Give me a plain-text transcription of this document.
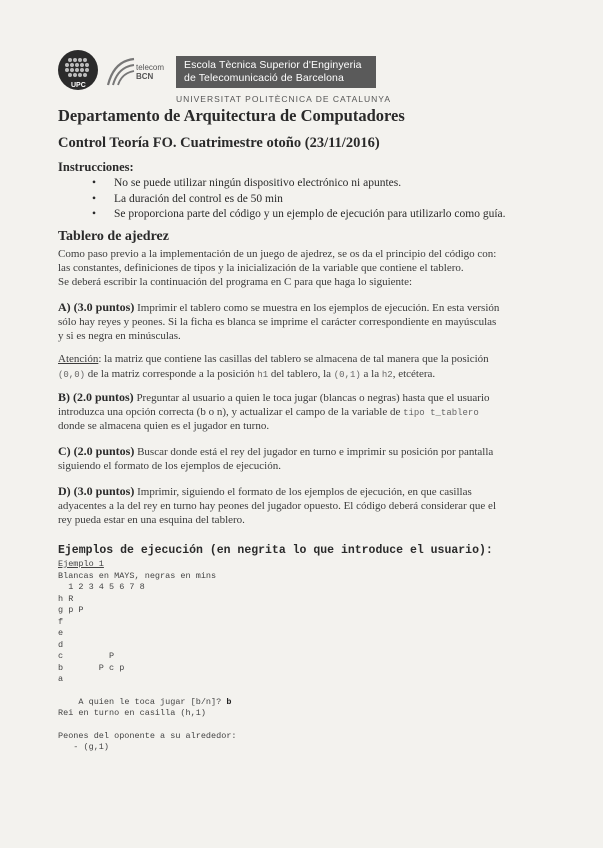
UPC
telecom
BCN
Escola Tècnica Superior d'Enginyeria
de Telecomunicació de Barcelona
UNIVERSITAT POLITÈCNICA DE CATALUNYA
Departamento de Arquitectura de Computadores
Control Teoría FO. Cuatrimestre otoño (23/11/2016)
Instrucciones:
• No se puede utilizar ningún dispositivo electrónico ni apuntes.
• La duración del control es de 50 min
• Se proporciona parte del código y un ejemplo de ejecución para utilizarlo como guía.
Tablero de ajedrez
Como paso previo a la implementación de un juego de ajedrez, se os da el principio del código con:
las constantes, definiciones de tipos y la inicialización de la variable que contiene el tablero.
Se deberá escribir la continuación del programa en C para que haga lo siguiente:
A) (3.0 puntos) Imprimir el tablero como se muestra en los ejemplos de ejecución. En esta versión
sólo hay reyes y peones. Si la ficha es blanca se imprime el carácter correspondiente en mayúsculas
y si es negra en minúsculas.
Atención: la matriz que contiene las casillas del tablero se almacena de tal manera que la posición
(0,0) de la matriz corresponde a la posición h1 del tablero, la (0,1) a la h2, etcétera.
B) (2.0 puntos) Preguntar al usuario a quien le toca jugar (blancas o negras) hasta que el usuario
introduzca una opción correcta (b o n), y actualizar el campo de la variable de tipo t_tablero
donde se almacena quien es el jugador en turno.
C) (2.0 puntos) Buscar donde está el rey del jugador en turno e imprimir su posición por pantalla
siguiendo el formato de los ejemplos de ejecución.
D) (3.0 puntos) Imprimir, siguiendo el formato de los ejemplos de ejecución, en que casillas
adyacentes a la del rey en turno hay peones del jugador opuesto. El código deberá considerar que el
rey pueda estar en una esquina del tablero.
Ejemplos de ejecución (en negrita lo que introduce el usuario):
Ejemplo 1
Blancas en MAYS, negras en mins
1 2 3 4 5 6 7 8
h R
g p P
f
e
d
c         P
b       P c p
a

A quien le toca jugar [b/n]? b

Rei en turno en casilla (h,1)
Peones del oponente a su alrededor:
- (g,1)
